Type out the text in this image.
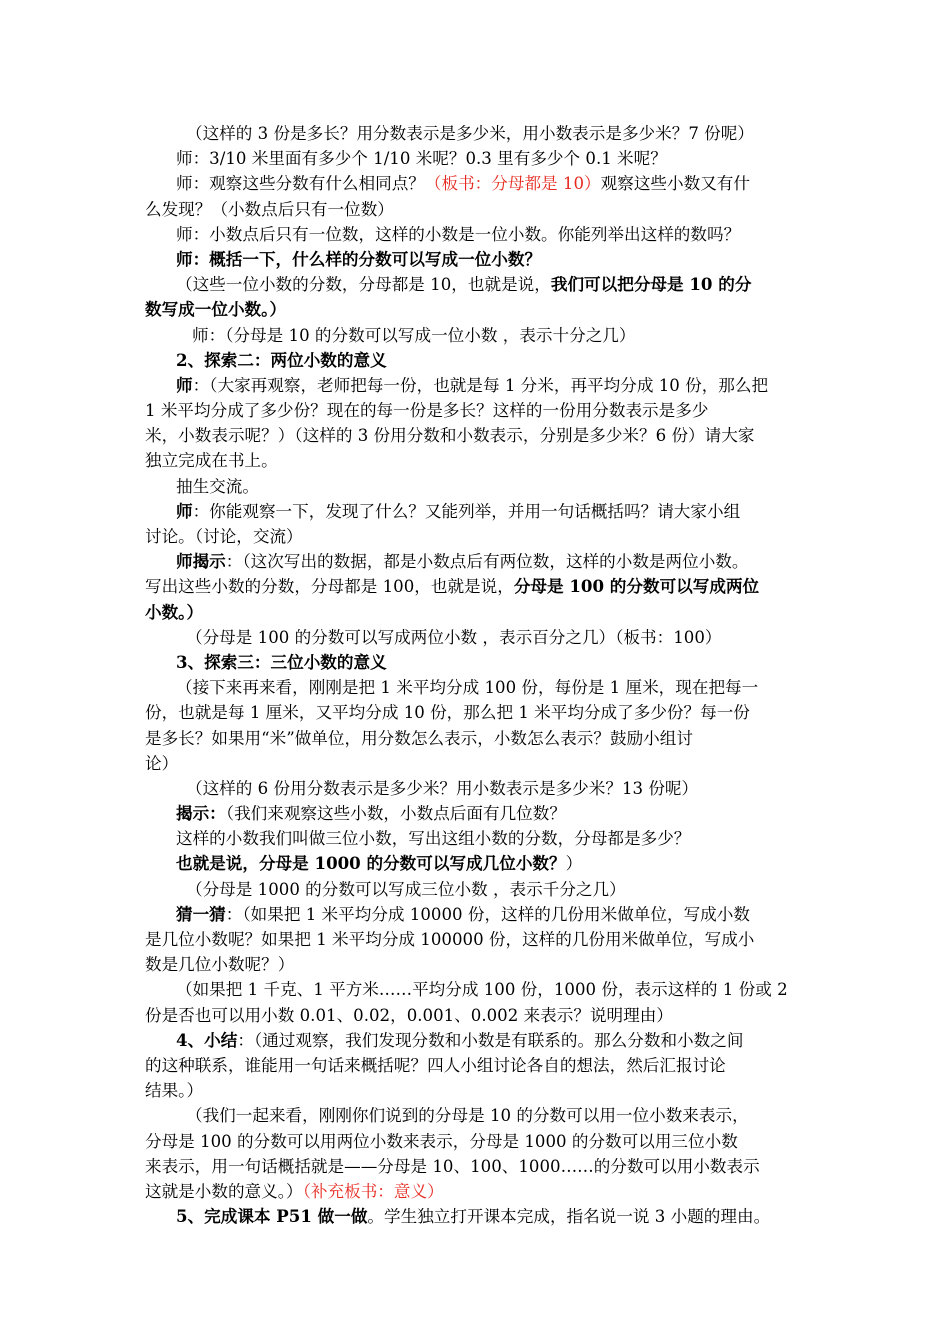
（这样的 3 份是多长？用分数表示是多少米，用小数表示是多少米？7 份呢）
师：3/10 米里面有多少个 1/10 米呢？0.3 里有多少个 0.1 米呢？
师：观察这些分数有什么相同点？（板书：分母都是 10）观察这些小数又有什
么发现？（小数点后只有一位数）
师：小数点后只有一位数，这样的小数是一位小数。你能列举出这样的数吗？
师：概括一下，什么样的分数可以写成一位小数？
（这些一位小数的分数，分母都是 10，也就是说，我们可以把分母是 10 的分
数写成一位小数。）
师：（分母是 10 的分数可以写成一位小数 ，表示十分之几）
2、探索二：两位小数的意义
师：（大家再观察，老师把每一份，也就是每 1 分米，再平均分成 10 份，那么把
1 米平均分成了多少份？现在的每一份是多长？这样的一份用分数表示是多少
米，小数表示呢？）（这样的 3 份用分数和小数表示，分别是多少米？6 份）请大家
独立完成在书上。
抽生交流。
师：你能观察一下，发现了什么？又能列举，并用一句话概括吗？请大家小组
讨论。（讨论，交流）
师揭示：（这次写出的数据，都是小数点后有两位数，这样的小数是两位小数。
写出这些小数的分数，分母都是 100，也就是说，分母是 100 的分数可以写成两位
小数。）
（分母是 100 的分数可以写成两位小数 ，表示百分之几）（板书：100）
3、探索三：三位小数的意义
（接下来再来看，刚刚是把 1 米平均分成 100 份，每份是 1 厘米，现在把每一
份，也就是每 1 厘米，又平均分成 10 份，那么把 1 米平均分成了多少份？每一份
是多长？如果用“米”做单位，用分数怎么表示，小数怎么表示？鼓励小组讨
论）
（这样的 6 份用分数表示是多少米？用小数表示是多少米？13 份呢）
揭示：（我们来观察这些小数，小数点后面有几位数？
这样的小数我们叫做三位小数，写出这组小数的分数，分母都是多少？
也就是说，分母是 1000 的分数可以写成几位小数？）
（分母是 1000 的分数可以写成三位小数 ，表示千分之几）
猜一猜：（如果把 1 米平均分成 10000 份，这样的几份用米做单位，写成小数
是几位小数呢？如果把 1 米平均分成 100000 份，这样的几份用米做单位，写成小
数是几位小数呢？）
（如果把 1 千克、1 平方米……平均分成 100 份，1000 份，表示这样的 1 份或 2
份是否也可以用小数 0.01、0.02，0.001、0.002 来表示？说明理由）
4、小结：（通过观察，我们发现分数和小数是有联系的。那么分数和小数之间
的这种联系，谁能用一句话来概括呢？四人小组讨论各自的想法，然后汇报讨论
结果。）
（我们一起来看，刚刚你们说到的分母是 10 的分数可以用一位小数来表示，
分母是 100 的分数可以用两位小数来表示，分母是 1000 的分数可以用三位小数
来表示，用一句话概括就是——分母是 10、100、1000……的分数可以用小数表示
这就是小数的意义。）（补充板书：意义）
5、完成课本 P51 做一做。学生独立打开课本完成，指名说一说 3 小题的理由。
